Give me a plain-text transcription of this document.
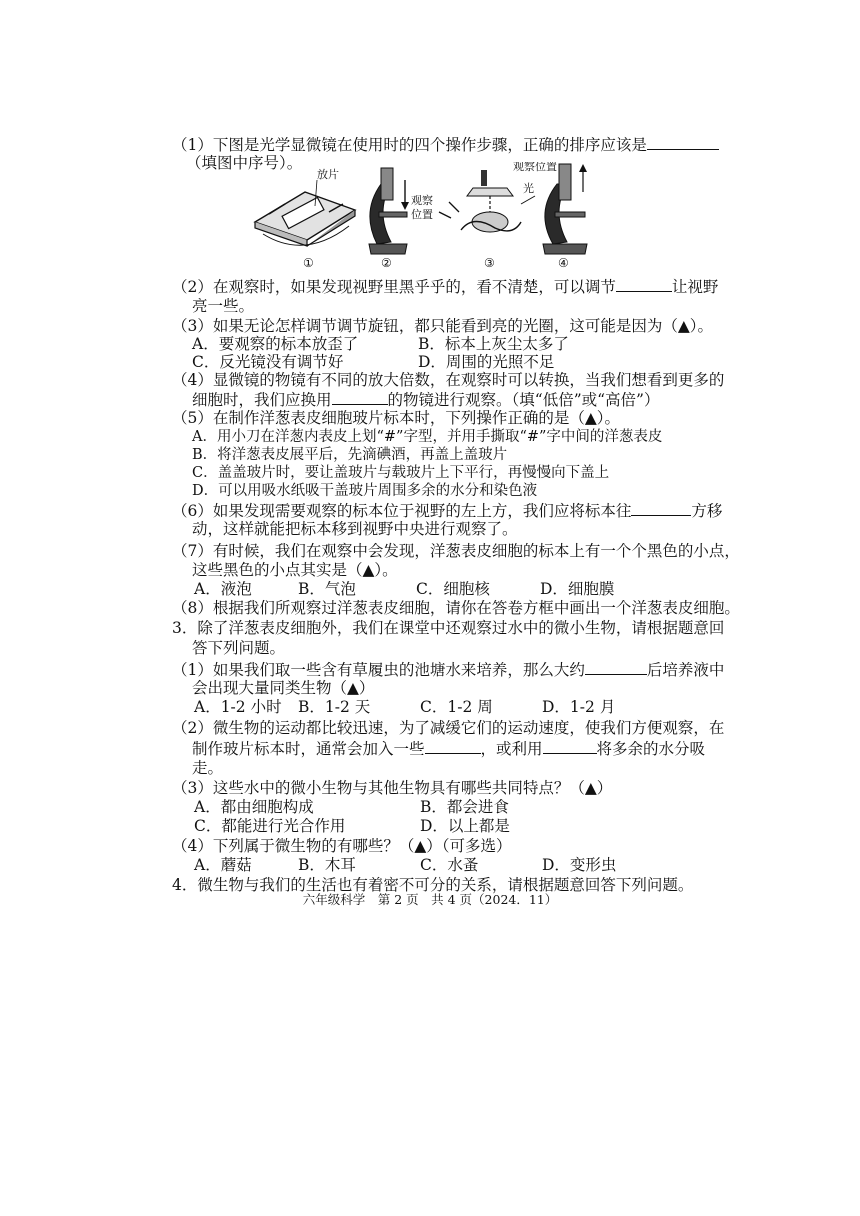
（1）下图是光学显微镜在使用时的四个操作步骤，正确的排序应该是
（填图中序号）。
放片
观察
位置
光
观察位置
①	②	③	④
（2）在观察时，如果发现视野里黑乎乎的，看不清楚，可以调节	让视野
亮一些。
（3）如果无论怎样调节调节旋钮，都只能看到亮的光圈，这可能是因为（▲）。
A．要观察的标本放歪了	B．标本上灰尘太多了
C．反光镜没有调节好	D．周围的光照不足
（4）显微镜的物镜有不同的放大倍数，在观察时可以转换，当我们想看到更多的
细胞时，我们应换用	的物镜进行观察。（填“低倍”或“高倍”）
（5）在制作洋葱表皮细胞玻片标本时，下列操作正确的是（▲）。
A．用小刀在洋葱内表皮上划“#”字型，并用手撕取“#”字中间的洋葱表皮
B．将洋葱表皮展平后，先滴碘酒，再盖上盖玻片
C．盖盖玻片时，要让盖玻片与载玻片上下平行，再慢慢向下盖上
D．可以用吸水纸吸干盖玻片周围多余的水分和染色液
（6）如果发现需要观察的标本位于视野的左上方，我们应将标本往	方移
动，这样就能把标本移到视野中央进行观察了。
（7）有时候，我们在观察中会发现，洋葱表皮细胞的标本上有一个个黑色的小点，
这些黑色的小点其实是（▲）。
A．液泡	B．气泡	C．细胞核	D．细胞膜
（8）根据我们所观察过洋葱表皮细胞，请你在答卷方框中画出一个洋葱表皮细胞。
3．除了洋葱表皮细胞外，我们在课堂中还观察过水中的微小生物，请根据题意回
答下列问题。
（1）如果我们取一些含有草履虫的池塘水来培养，那么大约	后培养液中
会出现大量同类生物（▲）
A．1-2 小时 B．1-2 天	C．1-2 周	D．1-2 月
（2）微生物的运动都比较迅速，为了减缓它们的运动速度，使我们方便观察，在
制作玻片标本时，通常会加入一些	，或利用	将多余的水分吸
走。
（3）这些水中的微小生物与其他生物具有哪些共同特点？（▲）
A．都由细胞构成	B．都会进食
C．都能进行光合作用	D．以上都是
（4）下列属于微生物的有哪些？（▲）（可多选）
A．蘑菇	B．木耳	C．水蚤	D．变形虫
4．微生物与我们的生活也有着密不可分的关系，请根据题意回答下列问题。
六年级科学　第 2 页　共 4 页（2024．11）
